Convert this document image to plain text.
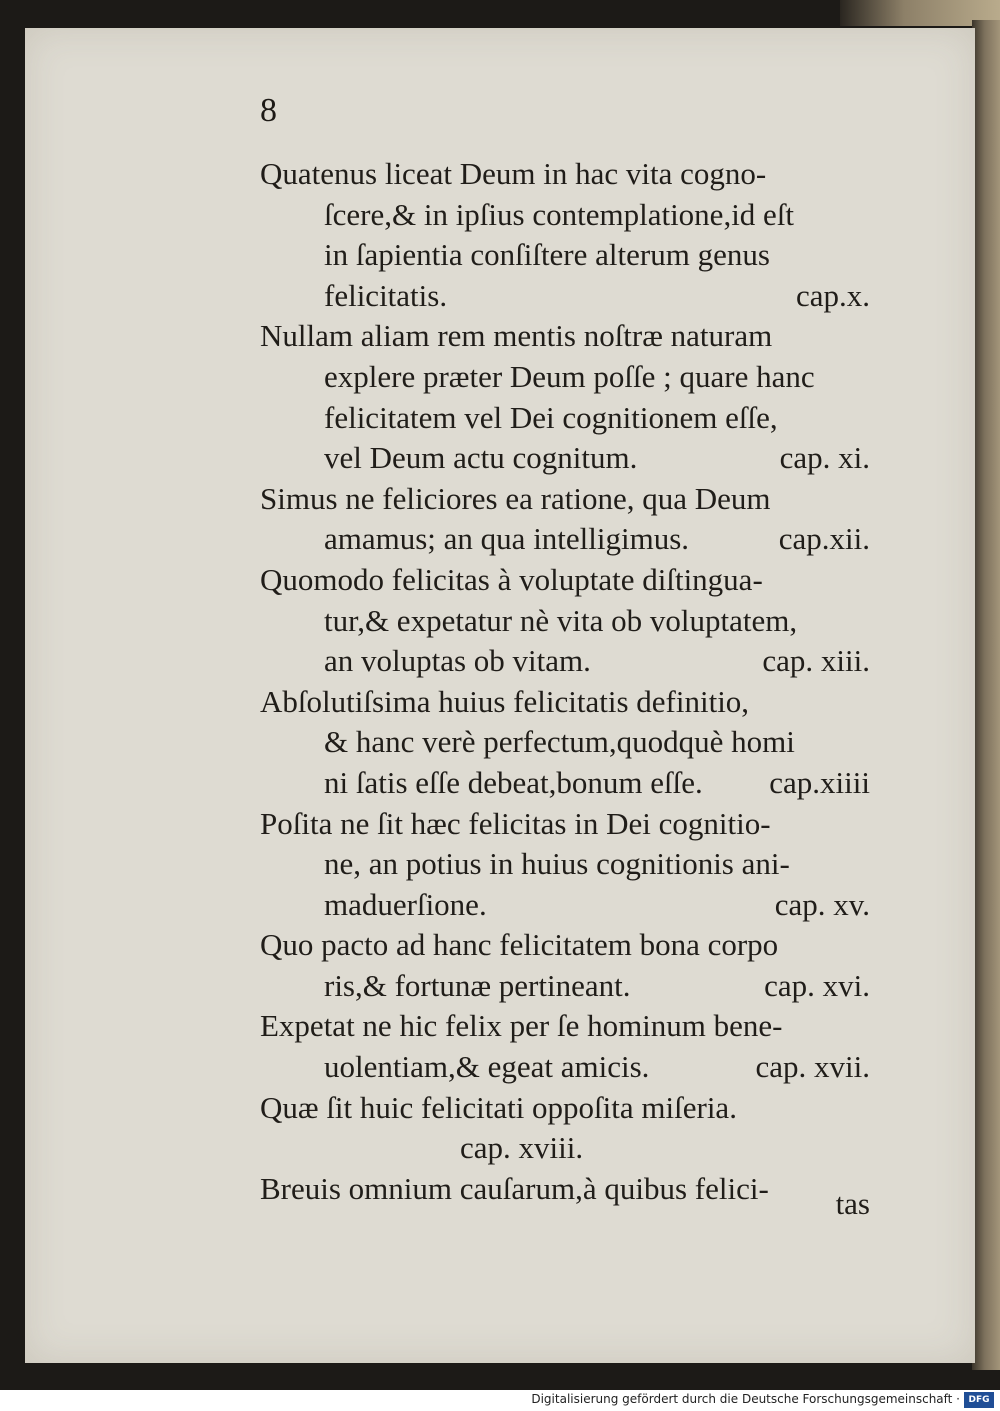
8

Quatenus liceat Deum in hac vita cogno-
ſcere,& in ipſius contemplatione,id eſt
in ſapientia conſiſtere alterum genus
felicitatis.	cap.x.
Nullam aliam rem mentis noſtræ naturam
explere præter Deum poſſe ; quare hanc
felicitatem vel Dei cognitionem eſſe,
vel Deum actu cognitum.	cap. xi.
Simus ne feliciores ea ratione, qua Deum
amamus; an qua intelligimus.	cap.xii.
Quomodo felicitas à voluptate diſtingua-
tur,& expetatur nè vita ob voluptatem,
an voluptas ob vitam.	cap. xiii.
Abſolutiſsima huius felicitatis definitio,
& hanc verè perfectum,quodquè homi
ni ſatis eſſe debeat,bonum eſſe. cap.xiiii
Poſita ne ſit hæc felicitas in Dei cognitio-
ne, an potius in huius cognitionis ani-
maduerſione.	cap. xv.
Quo pacto ad hanc felicitatem bona corpo
ris,& fortunæ pertineant.	cap. xvi.
Expetat ne hic felix per ſe hominum bene-
uolentiam,& egeat amicis.	cap. xvii.
Quæ ſit huic felicitati oppoſita miſeria.
cap. xviii.
Breuis omnium cauſarum,à quibus felici-	tas

Digitalisierung gefördert durch die Deutsche Forschungsgemeinschaft · DFG
